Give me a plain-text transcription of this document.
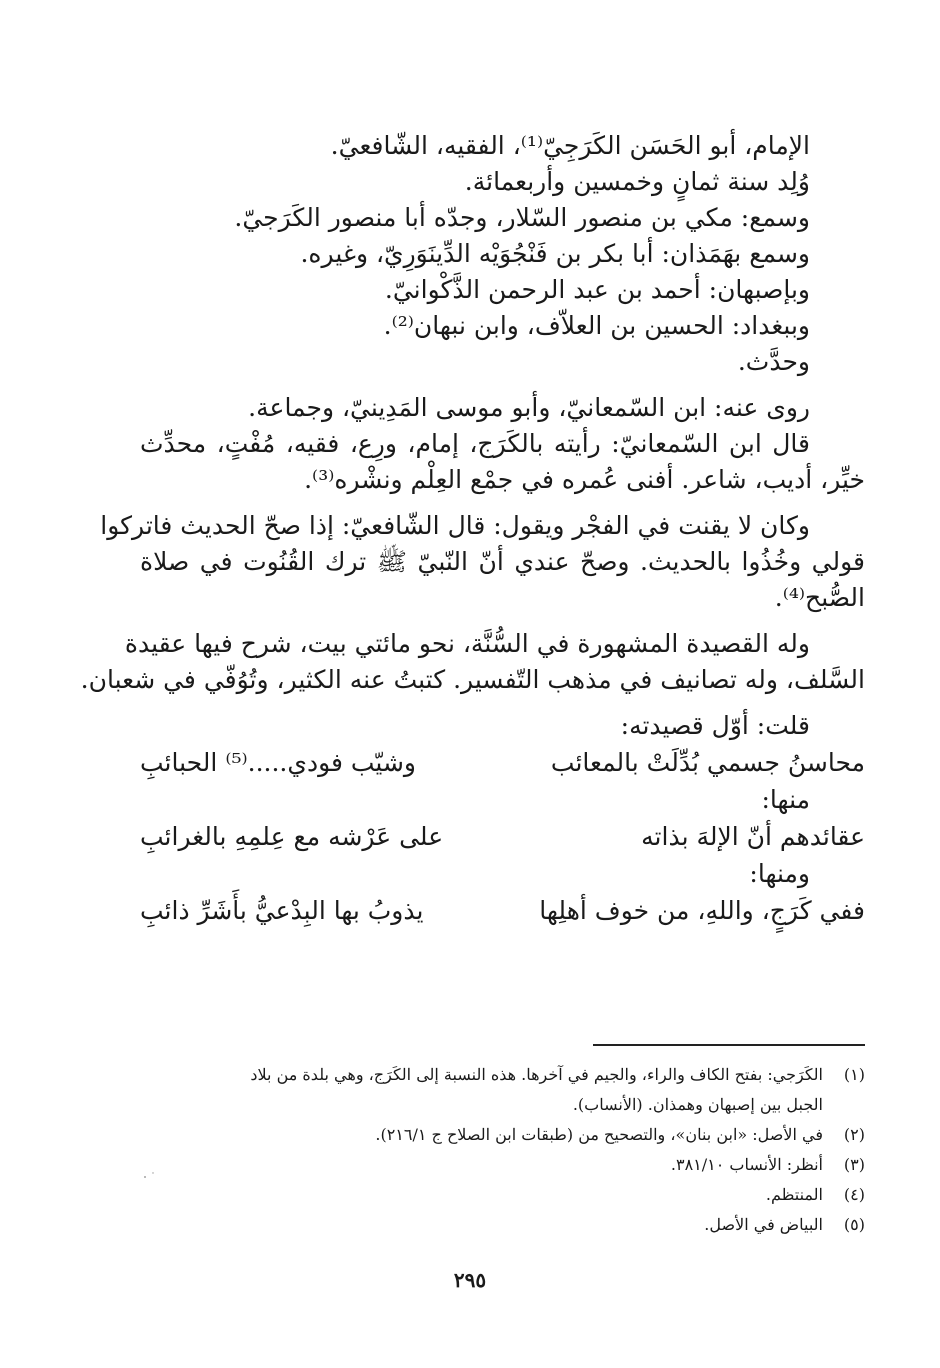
الإمام، أبو الحَسَن الكَرَجِيّ⁽¹⁾، الفقيه، الشّافعيّ.
وُلِد سنة ثمانٍ وخمسين وأربعمائة.
وسمع: مكي بن منصور السّلار، وجدّه أبا منصور الكَرَجيّ.
وسمع بهَمَذان: أبا بكر بن فَنْجُوَيْه الدِّينَوَرِيّ، وغيره.
وبإصبهان: أحمد بن عبد الرحمن الذَّكْوانيّ.
وببغداد: الحسين بن العلاّف، وابن نبهان⁽²⁾.
وحدَّث.
روى عنه: ابن السّمعانيّ، وأبو موسى المَدِينيّ، وجماعة.
قال ابن السّمعانيّ: رأيته بالكَرَج، إمام، ورِع، فقيه، مُفْتٍ، محدِّث
خيِّر، أديب، شاعر. أفنى عُمره في جمْع العِلْم ونشْره⁽³⁾.
وكان لا يقنت في الفجْر ويقول: قال الشّافعيّ: إذا صحّ الحديث فاتركوا
قولي وخُذُوا بالحديث. وصحّ عندي أنّ النّبيّ ﷺ ترك القُنُوت في صلاة
الصُّبح⁽⁴⁾.
وله القصيدة المشهورة في السُّنَّة، نحو مائتي بيت، شرح فيها عقيدة
السَّلف، وله تصانيف في مذهب التّفسير. كتبتُ عنه الكثير، وتُوُفّي في شعبان.
قلت: أوّل قصيدته:
محاسنُ جسمي بُدِّلَتْ بالمعائب
وشيّب فودي.....⁽⁵⁾ الحبائبِ
منها:
عقائدهم أنّ الإلهَ بذاته
على عَرْشه مع عِلمِهِ بالغرائبِ
ومنها:
ففي كَرَجٍ، واللهِ، من خوف أهلِها
يذوبُ بها البِدْعيُّ بأَشَرِّ ذائبِ
(١)
الكَرَجي: بفتح الكاف والراء، والجيم في آخرها. هذه النسبة إلى الكَرَج، وهي بلدة من بلاد
الجبل بين إصبهان وهمذان. (الأنساب).
(٢)
في الأصل: «ابن بنان»، والتصحيح من (طبقات ابن الصلاح ج ٢١٦/١).
(٣)
أنظر: الأنساب ٣٨١/١٠.
(٤)
المنتظم.
(٥)
البياض في الأصل.
٢٩٥
